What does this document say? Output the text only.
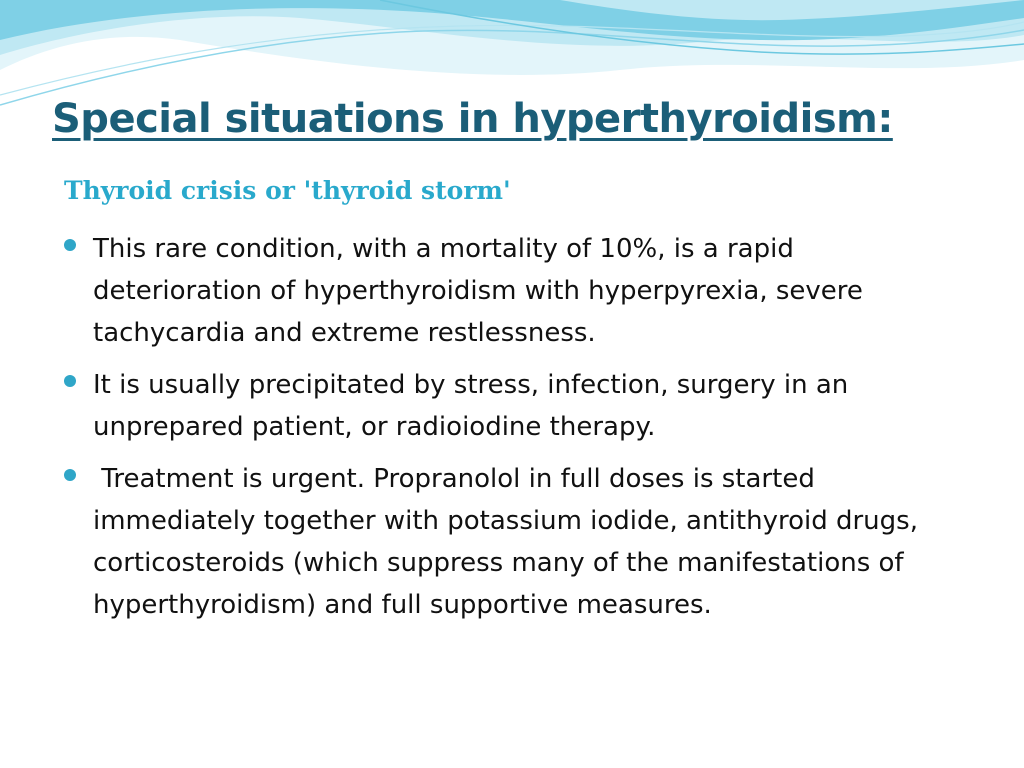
Special situations in hyperthyroidism:
Thyroid crisis or 'thyroid storm'
This rare condition, with a mortality of 10%, is a rapid deterioration of hyperthyroidism with hyperpyrexia, severe tachycardia and extreme restlessness.
It is usually precipitated by stress, infection, surgery in an unprepared patient, or radioiodine therapy.
Treatment is urgent. Propranolol in full doses is started immediately together with potassium iodide, antithyroid drugs, corticosteroids (which suppress many of the manifestations of hyperthyroidism) and full supportive measures.
